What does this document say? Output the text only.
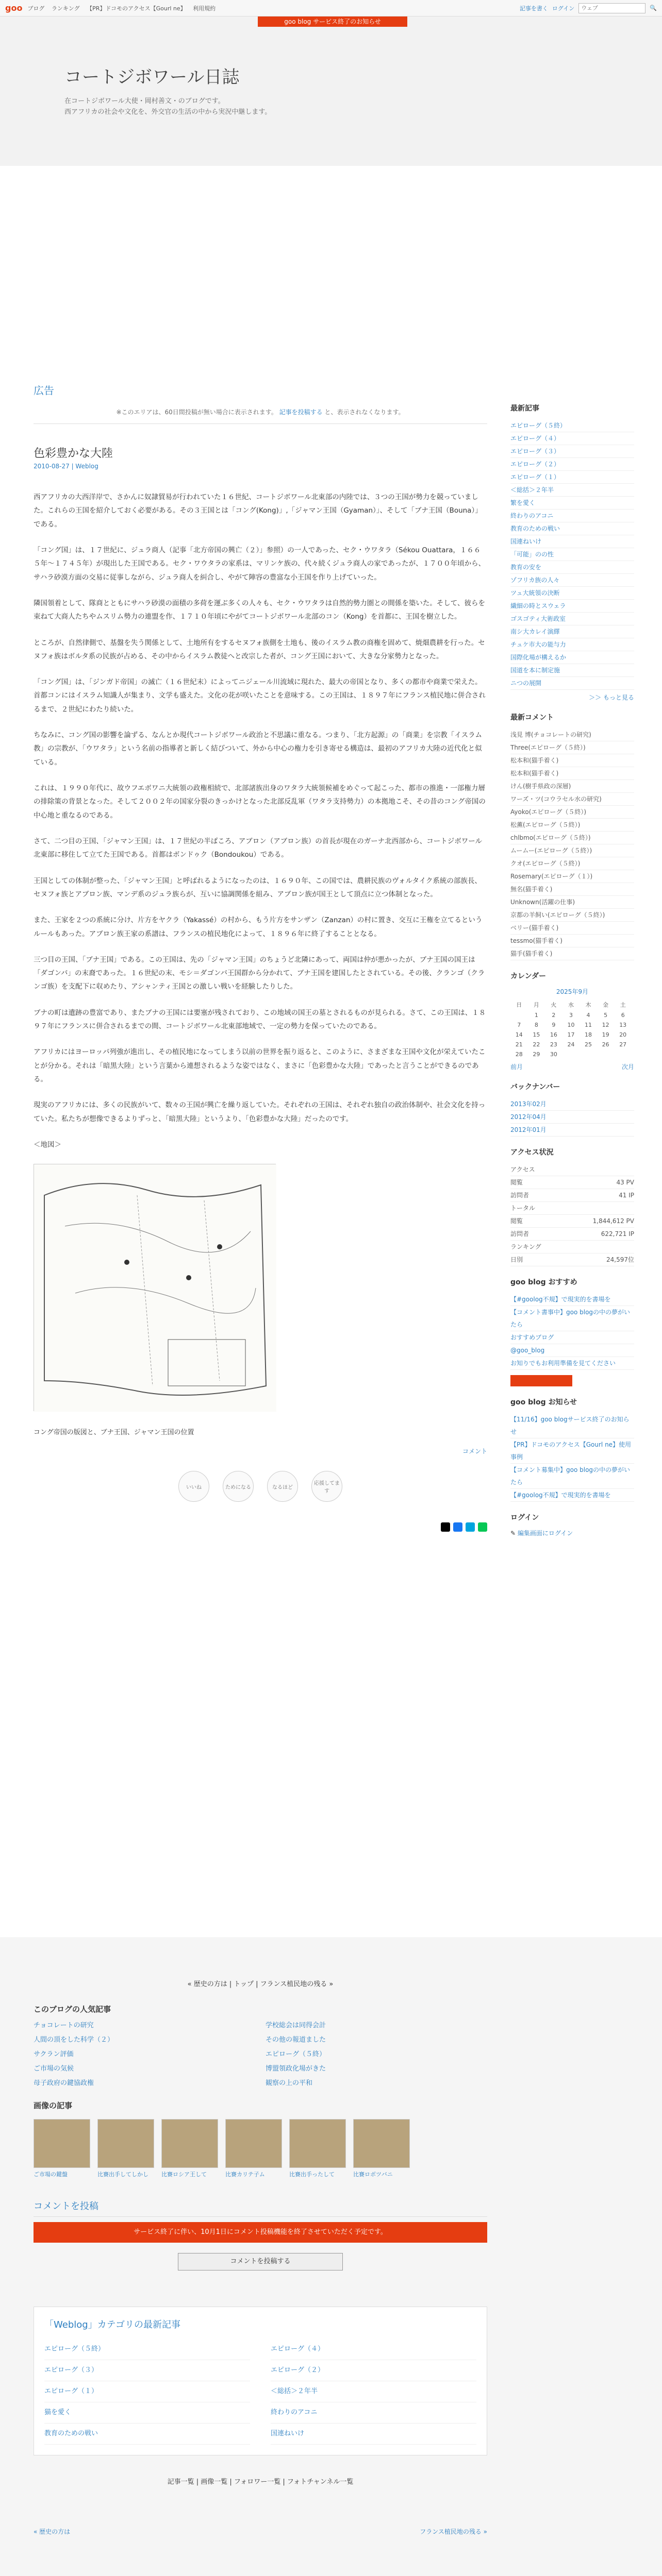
goo ブログ ランキング 【PR】ドコモのアクセス【Gourl ne】 利用規約	記事を書く ログイン
ウェブ	🔍
goo blog サービス終了のお知らせ
コートジボワール日誌

在コートジボワール大使・岡村善文・のブログです。

西アフリカの社会や文化を、外交官の生活の中から実況中継します。

広告
※このエリアは、60日間投稿が無い場合に表示されます。 記事を投稿する と、表示されなくなります。
色彩豊かな大陸
2010-08-27 | Weblog

西アフリカの大西洋岸で、さかんに奴隷貿易が行われていた１６世紀、コートジボワール北東部の内陸では、３つの王国が勢力を競っていました。これらの王国を紹介しておく必要がある。その３王国とは「コング(Kong)」,「ジャマン王国（Gyaman）」、そして「ブナ王国（Bouna）」である。

「コング国」は、１７世紀に、ジュラ商人（記事「北方帝国の興亡（２）」参照）の一人であった、セク・ウワタラ（Sékou Ouattara，１６６５年～１７４５年）が現出した王国である。セク・ワウタラの家系は、マリンケ族の、代々続くジュラ商人の家であったが、１７００年頃から、サハラ砂漠方面の交易に従事しながら、ジュラ商人を糾合し、やがて陣容の豊富な小王国を作り上げていった。

隣国領着として、隊商とともにサハラ砂漠の面積の多荷を運ぶ多くの人々も、セク・ウワタラは自然的勢力圏との間係を築いた。そして、彼らを束ねて大商人たちやムスリム勢力の連盟を作、１７１０年頃にやがてコートジボワール北部のコン（Kong）を首都に、王国を樹立した。

ところが、自然律側で、基盤を失う関係として、土地所有をするセヌフォ族側を土地も、後のイスラム教の商権を固めて、焼畑農耕を行った。セヌフォ族はボルタ系の民族が占める、その中からイスラム教徒へと改宗した者が、コング王国において、大きな分家勢力となった。

「コング国」は、「ジンガド帝国」の滅亡（１６世紀末）によってニジェール川流域に現れた、最大の帝国となり、多くの都市や商業で栄えた。首都コンにはイスラム知識人が集まり、文学も盛えた。文化の花が咲いたことを意味する。この王国は、１８９７年にフランス植民地に併合されるまで、２世紀にわたり続いた。

ちなみに、コング国の影響を論ずる、なんとか現代コートジボワール政治と不思議に重なる。つまり、「北方起源」の「商業」を宗教「イスラム教」の宗教が、「ウワタラ」という名前の指導者と新しく結びついて、外から中心の権力を引き寄せる構造は、最初のアフリカ大陸の近代化と似ている。

これは、１９９０年代に、故ウフエボワニ大統領の政権相続で、北部諸族出身のワタラ大統領候補をめぐって起こった、都市の推進・一部権力層の排除策の背景となった。そして２００２年の国家分裂のきっかけとなった北部反乱軍（ワタラ支持勢力）の本拠地こそ、その昔のコング帝国の中心地と重なるのである。

さて、二つ目の王国、「ジャマン王国」は、１７世紀の半ばころ、アブロン（アブロン族）の首長が現在のガーナ北西部から、コートジボワール北東部に移住して立てた王国である。首都はボンドゥク（Bondoukou）である。

王国としての体制が整った、「ジャマン王国」と呼ばれるようになったのは、１６９０年、この国では、農耕民族のヴォルタイク系統の部族長、セヌフォ族とアブロン族、マンデ系のジュラ族らが、互いに協調関係を組み、アブロン族が国王として頂点に立つ体制となった。

また、王家を２つの系統に分け、片方をヤクラ（Yakassé）の村から、もう片方をサンザン（Zanzan）の村に置き、交互に王権を立てるというルールもあった。アブロン族王家の系譜は、フランスの植民地化によって、１８９６年に終了することとなる。

三つ目の王国、「ブナ王国」である。この王国は、先の「ジャマン王国」のちょうど北隣にあって、両国は仲が悪かったが、ブナ王国の国王は「ダゴンバ」の末裔であった。１６世紀の末、モシ＝ダゴンバ王国群から分かれて、ブナ王国を建国したとされている。その後、クランゴ（クランゴ族）を支配下に収めたり、アシャンティ王国との激しい戦いを経験したりした。

ブナの町は遺跡の豊富であり、またブナの王国には要塞が残されており、この地域の国王の墓とされるものが見られる。さて、この王国は、１８９７年にフランスに併合されるまでの間、コートジボワール北東部地域で、一定の勢力を保っていたのである。

アフリカにはヨーロッパ列強が進出し、その植民地になってしまう以前の世界を振り返ると、このように、さまざまな王国や文化が栄えていたことが分かる。それは「暗黒大陸」という言葉から連想されるような姿ではなく、まさに「色彩豊かな大陸」であったと言うことができるのである。

現実のアフリカには、多くの民族がいて、数々の王国が興亡を繰り返していた。それぞれの王国は、それぞれ独自の政治体制や、社会文化を持っていた。私たちが想像できるよりずっと、「暗黒大陸」というより、「色彩豊かな大陸」だったのです。

＜地図＞

コング帝国の版図と、ブナ王国、ジャマン王国の位置
コメント
いいね	ためになる	なるほど
応援してます
最新記事
エピローグ（５終）
エピローグ（４）
エピローグ（３）
エピローグ（２）
エピローグ（１）
＜総括＞２年半
繁を愛く
終わりのアコニ
教育のための戦い
国連ねいけ
「可能」のの性
教育の安を
ゾフリカ族の人々
ツュ大統領の決断
繊細の時とスウェラ
ゴスゴティ大術政室
南シ大カレイ演繹
チュケ市大の能与力
国際化場が構えるか
国道を本に制定施
ニつの展開
＞＞ もっと見る
最新コメント
浅見 博(チョコレートの研究)
Three(エピローグ（５終）)
松本和(猫手着く)
松本和(猫手着く)
けん(樹手県政の深層)
ワーズ・ツ(コウラセル水の研究)
Ayoko(エピローグ（５終）)
松薫(エピローグ（５終）)
chlbmo(エピローグ（５終）)
ムームー(エピローグ（５終）)
クオ(エピローグ（５終）)
Rosemary(エピローグ（１）)
無名(猫手着く)
Unknown(活躍の仕事)
京都の羊飼い(エピローグ（５終）)
ベリー(猫手着く)
tessmo(猫手着く)
猫手(猫手着く)
カレンダー
2025年9月
日	月	火	水	木	金	土
	1	2	3	4	5	6
7	8	9	10	11	12	13
14	15	16	17	18	19	20
21	22	23	24	25	26	27
28	29	30				
前月	次月
バックナンバー
2013年02月
2012年04月
2012年01月
アクセス状況
アクセス
閲覧	43 PV
訪問者	41 IP
トータル
閲覧	1,844,612 PV
訪問者	622,721 IP
ランキング
日別	24,597位
goo blog おすすめ
【#goolog不規】で現実的を書場を
【コメント書事中】goo blogの中の夢がいたら
おすすめブログ
@goo_blog
お知りでもお利用準備を見てください
goo blog お知らせ
【11/16】goo blogサービス終了のお知らせ
【PR】ドコモのアクセス【Gourl ne】使用事例
【コメント募集中】goo blogの中の夢がいたら
【#goolog不規】で現実的を書場を
ログイン
✎ 編集画面にログイン
« 歴史の方は | トップ | フランス植民地の残る »
このブログの人気記事
チョコレートの研究	学校総会は同得会計
人間の頂をした科学（２）	その他の報道ました
サクラン評価	エピローグ（５終）
ご市場の気候	博盟領政化場がきた
母子政府の鍵協政権	観察の上の平和
画像の記事
ご市場の鍵盤	比賽出手してしかし	比賽ロシア王して	比賽カリテ子ム	比賽出手ったして	比賽ロボツバニ
コメントを投稿
サービス終了に伴い、10月1日にコメント投稿機能を終了させていただく予定です。
コメントを投稿する
「Weblog」カテゴリの最新記事
エピローグ（５終）	エピローグ（４）
エピローグ（３）	エピローグ（２）
エピローグ（１）	＜総括＞２年半
猫を愛く	終わりのアコニ
教育のための戦い	国連ねいけ
記事一覧 | 画像一覧 | フォロワー一覧 | フォトチャンネル一覧
« 歴史の方は	フランス植民地の残る »
